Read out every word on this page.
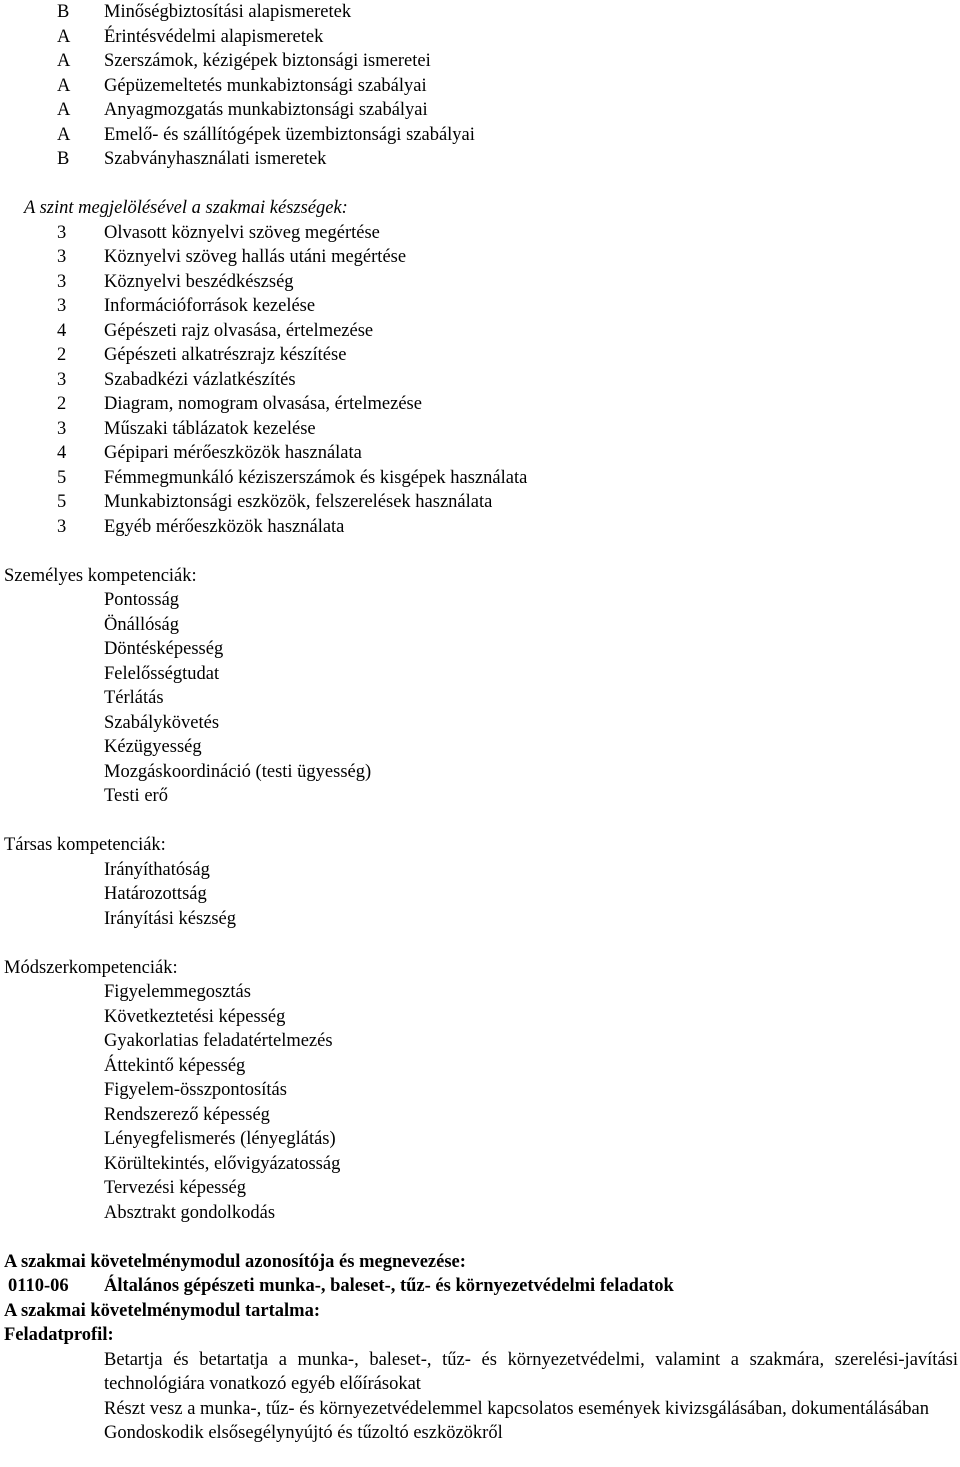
B Minőségbiztosítási alapismeretek
A Érintésvédelmi alapismeretek
A Szerszámok, kézigépek biztonsági ismeretei
A Gépüzemeltetés munkabiztonsági szabályai
A Anyagmozgatás munkabiztonsági szabályai
A Emelő- és szállítógépek üzembiztonsági szabályai
B Szabványhasználati ismeretek
A szint megjelölésével a szakmai készségek:
3 Olvasott köznyelvi szöveg megértése
3 Köznyelvi szöveg hallás utáni megértése
3 Köznyelvi beszédkészség
3 Információforrások kezelése
4 Gépészeti rajz olvasása, értelmezése
2 Gépészeti alkatrészrajz készítése
3 Szabadkézi vázlatkészítés
2 Diagram, nomogram olvasása, értelmezése
3 Műszaki táblázatok kezelése
4 Gépipari mérőeszközök használata
5 Fémmegmunkáló kéziszerszámok és kisgépek használata
5 Munkabiztonsági eszközök, felszerelések használata
3 Egyéb mérőeszközök használata
Személyes kompetenciák:
Pontosság
Önállóság
Döntésképesség
Felelősségtudat
Térlátás
Szabálykövetés
Kézügyesség
Mozgáskoordináció (testi ügyesség)
Testi erő
Társas kompetenciák:
Irányíthatóság
Határozottság
Irányítási készség
Módszerkompetenciák:
Figyelemmegosztás
Következtetési képesség
Gyakorlatias feladatértelmezés
Áttekintő képesség
Figyelem-összpontosítás
Rendszerező képesség
Lényegfelismerés (lényeglátás)
Körültekintés, elővigyázatosság
Tervezési képesség
Absztrakt gondolkodás
A szakmai követelménymodul azonosítója és megnevezése:
0110-06 Általános gépészeti munka-, baleset-, tűz- és környezetvédelmi feladatok
A szakmai követelménymodul tartalma:
Feladatprofil:
Betartja és betartatja a munka-, baleset-, tűz- és környezetvédelmi, valamint a szakmára, szerelési-javítási technológiára vonatkozó egyéb előírásokat
Részt vesz a munka-, tűz- és környezetvédelemmel kapcsolatos események kivizsgálásában, dokumentálásában
Gondoskodik elsősegélynyújtó és tűzoltó eszközökről
